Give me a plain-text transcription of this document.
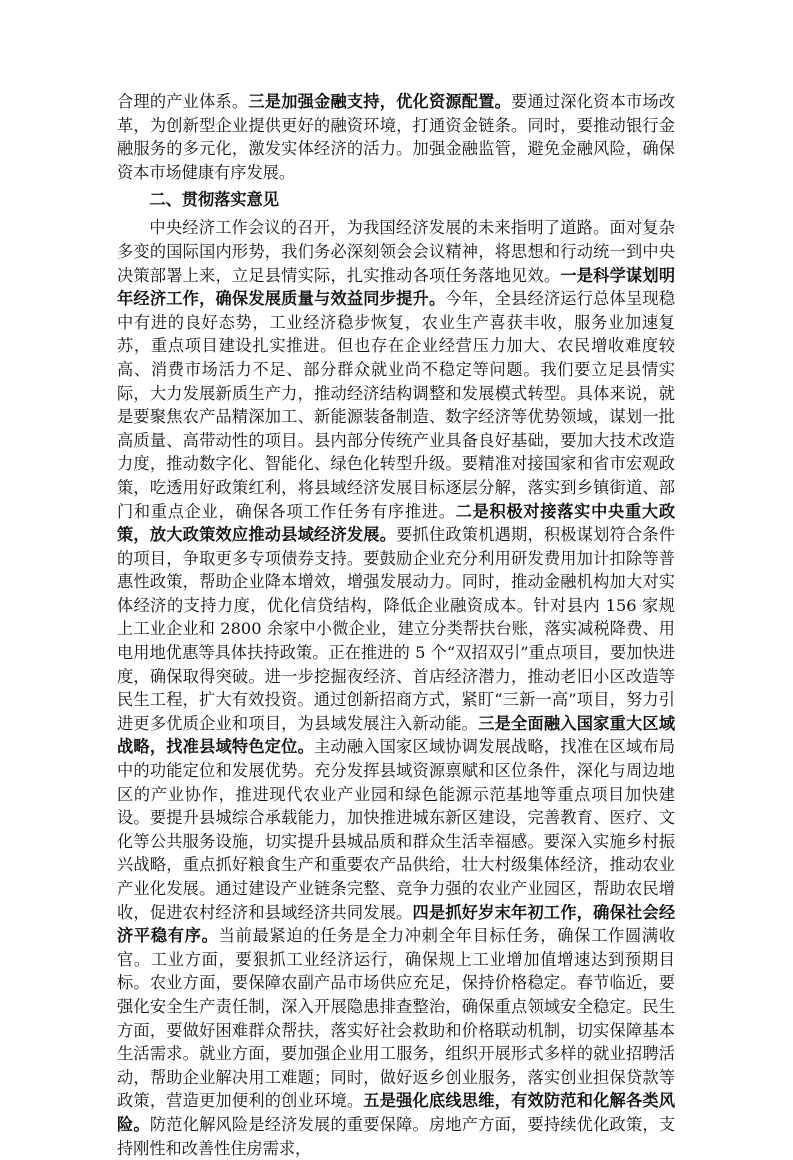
合理的产业体系。三是加强金融支持，优化资源配置。要通过深化资本市场改革，为创新型企业提供更好的融资环境，打通资金链条。同时，要推动银行金融服务的多元化，激发实体经济的活力。加强金融监管，避免金融风险，确保资本市场健康有序发展。

二、贯彻落实意见

中央经济工作会议的召开，为我国经济发展的未来指明了道路。面对复杂多变的国际国内形势，我们务必深刻领会会议精神，将思想和行动统一到中央决策部署上来，立足县情实际，扎实推动各项任务落地见效。一是科学谋划明年经济工作，确保发展质量与效益同步提升。今年，全县经济运行总体呈现稳中有进的良好态势，工业经济稳步恢复，农业生产喜获丰收，服务业加速复苏，重点项目建设扎实推进。但也存在企业经营压力加大、农民增收难度较高、消费市场活力不足、部分群众就业尚不稳定等问题。我们要立足县情实际，大力发展新质生产力，推动经济结构调整和发展模式转型。具体来说，就是要聚焦农产品精深加工、新能源装备制造、数字经济等优势领域，谋划一批高质量、高带动性的项目。县内部分传统产业具备良好基础，要加大技术改造力度，推动数字化、智能化、绿色化转型升级。要精准对接国家和省市宏观政策，吃透用好政策红利，将县域经济发展目标逐层分解，落实到乡镇街道、部门和重点企业，确保各项工作任务有序推进。二是积极对接落实中央重大政策，放大政策效应推动县域经济发展。要抓住政策机遇期，积极谋划符合条件的项目，争取更多专项债券支持。要鼓励企业充分利用研发费用加计扣除等普惠性政策，帮助企业降本增效，增强发展动力。同时，推动金融机构加大对实体经济的支持力度，优化信贷结构，降低企业融资成本。针对县内 156 家规上工业企业和 2800 余家中小微企业，建立分类帮扶台账，落实减税降费、用电用地优惠等具体扶持政策。正在推进的 5 个“双招双引”重点项目，要加快进度，确保取得突破。进一步挖掘夜经济、首店经济潜力，推动老旧小区改造等民生工程，扩大有效投资。通过创新招商方式，紧盯“三新一高”项目，努力引进更多优质企业和项目，为县域发展注入新动能。三是全面融入国家重大区域战略，找准县域特色定位。主动融入国家区域协调发展战略，找准在区域布局中的功能定位和发展优势。充分发挥县域资源禀赋和区位条件，深化与周边地区的产业协作，推进现代农业产业园和绿色能源示范基地等重点项目加快建设。要提升县城综合承载能力，加快推进城东新区建设，完善教育、医疗、文化等公共服务设施，切实提升县城品质和群众生活幸福感。要深入实施乡村振兴战略，重点抓好粮食生产和重要农产品供给，壮大村级集体经济，推动农业产业化发展。通过建设产业链条完整、竞争力强的农业产业园区，帮助农民增收，促进农村经济和县域经济共同发展。四是抓好岁末年初工作，确保社会经济平稳有序。当前最紧迫的任务是全力冲刺全年目标任务，确保工作圆满收官。工业方面，要狠抓工业经济运行，确保规上工业增加值增速达到预期目标。农业方面，要保障农副产品市场供应充足，保持价格稳定。春节临近，要强化安全生产责任制，深入开展隐患排查整治，确保重点领域安全稳定。民生方面，要做好困难群众帮扶，落实好社会救助和价格联动机制，切实保障基本生活需求。就业方面，要加强企业用工服务，组织开展形式多样的就业招聘活动，帮助企业解决用工难题；同时，做好返乡创业服务，落实创业担保贷款等政策，营造更加便利的创业环境。五是强化底线思维，有效防范和化解各类风险。防范化解风险是经济发展的重要保障。房地产方面，要持续优化政策，支持刚性和改善性住房需求，
